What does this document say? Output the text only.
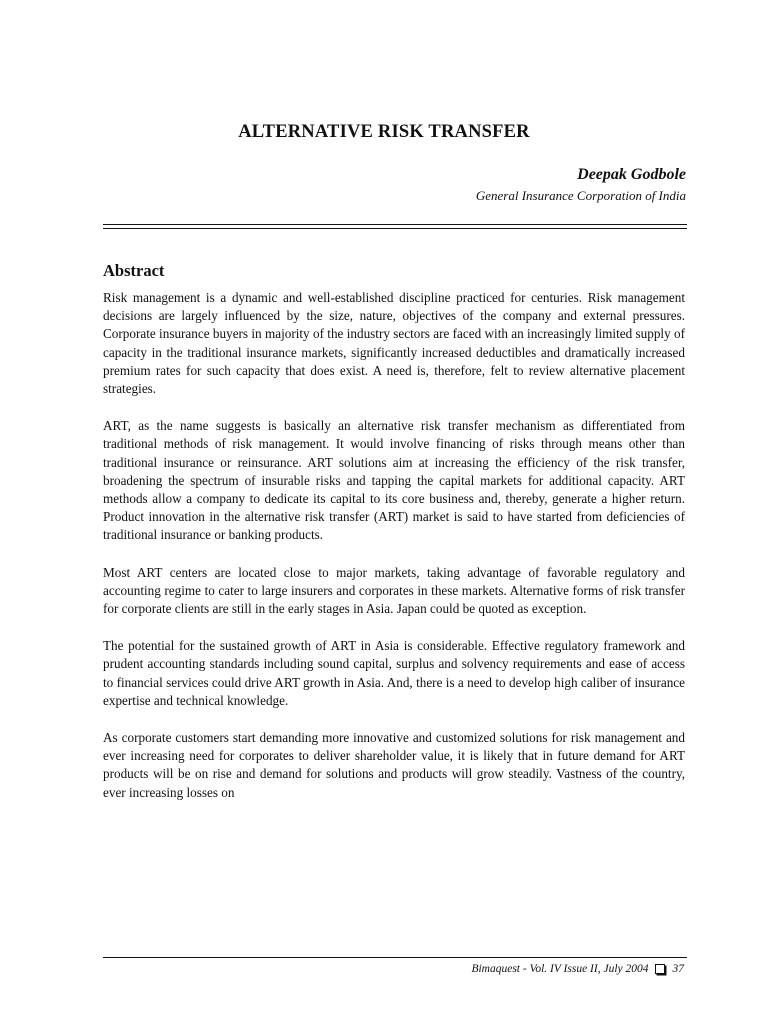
ALTERNATIVE RISK TRANSFER
Deepak Godbole
General Insurance Corporation of India
Abstract

Risk management is a dynamic and well-established discipline practiced for centuries. Risk management decisions are largely influenced by the size, nature, objectives of the company and external pressures. Corporate insurance buyers in majority of the industry sectors are faced with an increasingly limited supply of capacity in the traditional insurance markets, significantly increased deductibles and dramatically increased premium rates for such capacity that does exist. A need is, therefore, felt to review alternative placement strategies.

ART, as the name suggests is basically an alternative risk transfer mechanism as differentiated from traditional methods of risk management. It would involve financing of risks through means other than traditional insurance or reinsurance. ART solutions aim at increasing the efficiency of the risk transfer, broadening the spectrum of insurable risks and tapping the capital markets for additional capacity. ART methods allow a company to dedicate its capital to its core business and, thereby, generate a higher return. Product innovation in the alternative risk transfer (ART) market is said to have started from deficiencies of traditional insurance or banking products.

Most ART centers are located close to major markets, taking advantage of favorable regulatory and accounting regime to cater to large insurers and corporates in these markets. Alternative forms of risk transfer for corporate clients are still in the early stages in Asia. Japan could be quoted as exception.

The potential for the sustained growth of ART in Asia is considerable. Effective regulatory framework and prudent accounting standards including sound capital, surplus and solvency requirements and ease of access to financial services could drive ART growth in Asia. And, there is a need to develop high caliber of insurance expertise and technical knowledge.

As corporate customers start demanding more innovative and customized solutions for risk management and ever increasing need for corporates to deliver shareholder value, it is likely that in future demand for ART products will be on rise and demand for solutions and products will grow steadily. Vastness of the country, ever increasing losses on

Bimaquest - Vol. IV Issue II, July 2004 37
